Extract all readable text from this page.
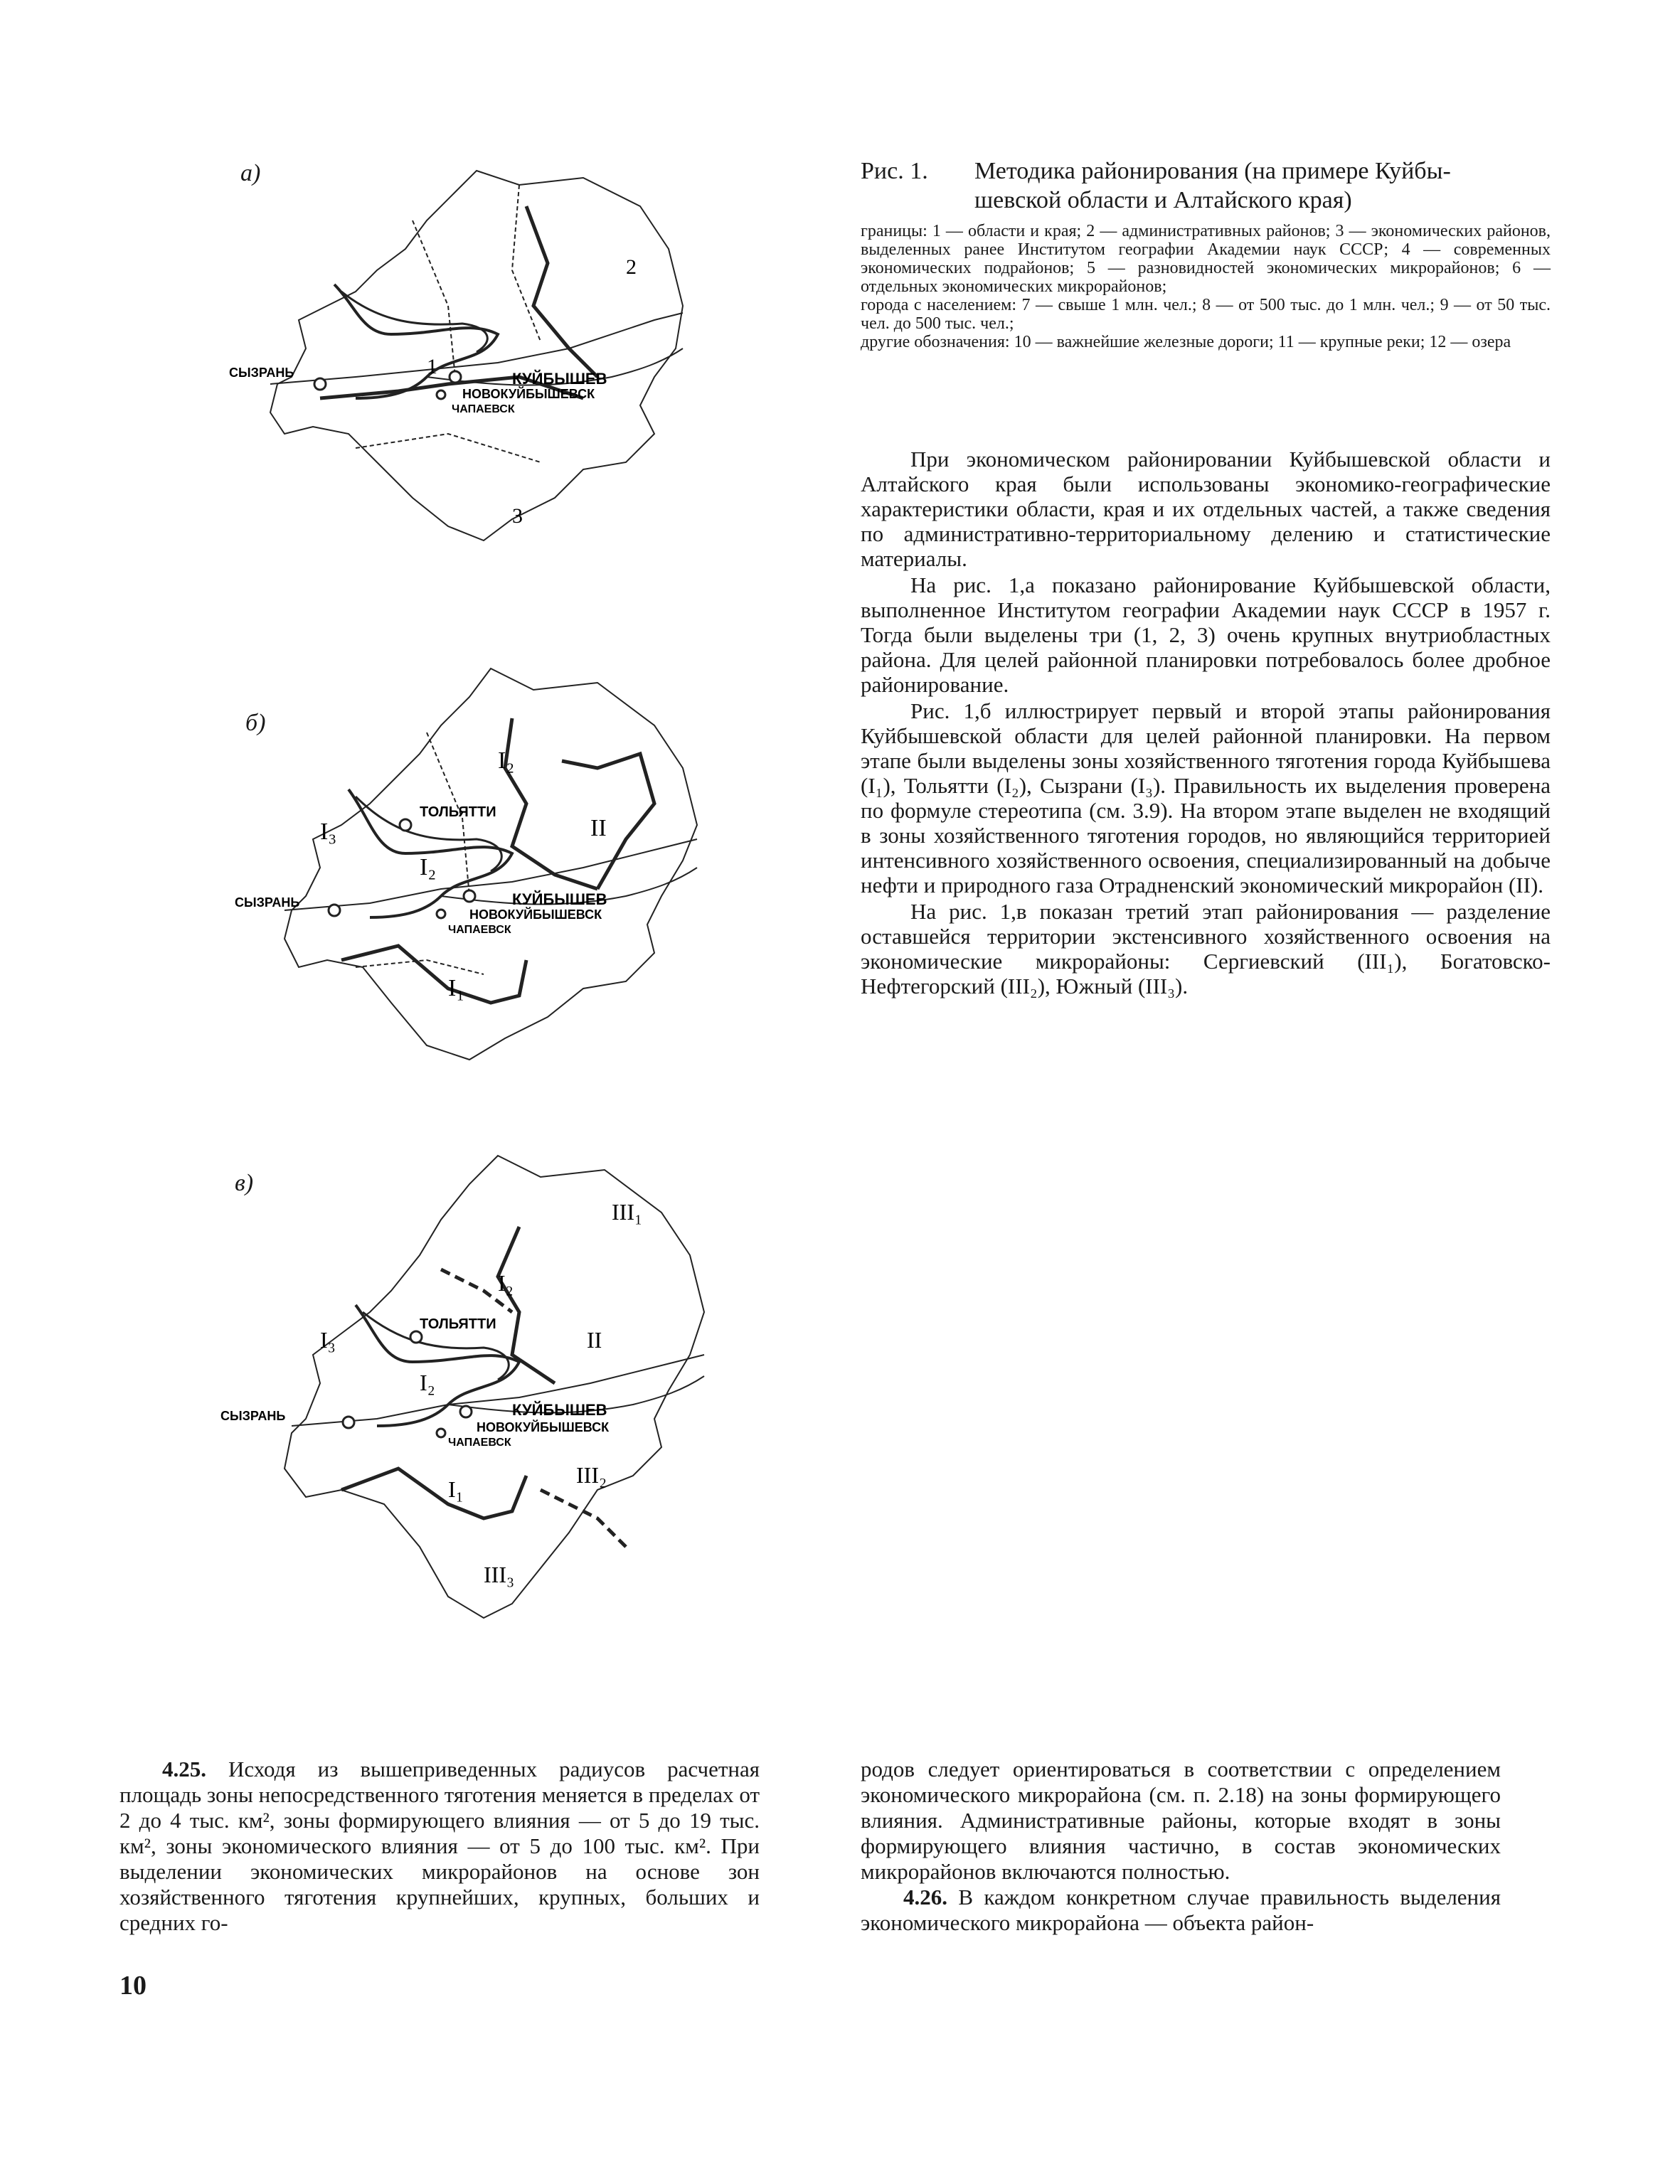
а)
СЫЗРАНЬ	КУЙБЫШЕВ
НОВОКУЙБЫШЕВСК
ЧАПАЕВСК
1
2
3
б)
СЫЗРАНЬ
ТОЛЬЯТТИ
КУЙБЫШЕВ
НОВОКУЙБЫШЕВСК
ЧАПАЕВСК
I₂
I₃
I₂
I₁
II
в)
СЫЗРАНЬ
ТОЛЬЯТТИ
КУЙБЫШЕВ
НОВОКУЙБЫШЕВСК
ЧАПАЕВСК
III₁
I₂
I₃
I₂
II
I₁
III₂
III₃
Рис. 1. Методика районирования (на примере Куйбы-
шевской области и Алтайского края)

границы: 1 — области и края; 2 — административных районов; 3 — экономических районов, выделенных ранее Институтом географии Академии наук СССР; 4 — современных экономических подрайонов; 5 — разновидностей экономических микрорайонов; 6 — отдельных экономических микрорайонов;

города с населением: 7 — свыше 1 млн. чел.; 8 — от 500 тыс. до 1 млн. чел.; 9 — от 50 тыс. чел. до 500 тыс. чел.;

другие обозначения: 10 — важнейшие железные дороги; 11 — крупные реки; 12 — озера

При экономическом районировании Куйбышевской области и Алтайского края были использованы экономико-географические характеристики области, края и их отдельных частей, а также сведения по административно-территориальному делению и статистические материалы.

На рис. 1,а показано районирование Куйбышевской области, выполненное Институтом географии Академии наук СССР в 1957 г. Тогда были выделены три (1, 2, 3) очень крупных внутриобластных района. Для целей районной планировки потребовалось более дробное районирование.

Рис. 1,б иллюстрирует первый и второй этапы районирования Куйбышевской области для целей районной планировки. На первом этапе были выделены зоны хозяйственного тяготения города Куйбышева (I₁), Тольятти (I₂), Сызрани (I₃). Правильность их выделения проверена по формуле стереотипа (см. 3.9). На втором этапе выделен не входящий в зоны хозяйственного тяготения городов, но являющийся территорией интенсивного хозяйственного освоения, специализированный на добыче нефти и природного газа Отрадненский экономический микрорайон (II).

На рис. 1,в показан третий этап районирования — разделение оставшейся территории экстенсивного хозяйственного освоения на экономические микрорайоны: Сергиевский (III₁), Богатовско-Нефтегорский (III₂), Южный (III₃).

4.25. Исходя из вышеприведенных радиусов расчетная площадь зоны непосредственного тяготения меняется в пределах от 2 до 4 тыс. км², зоны формирующего влияния — от 5 до 19 тыс. км², зоны экономического влияния — от 5 до 100 тыс. км². При выделении экономических микрорайонов на основе зон хозяйственного тяготения крупнейших, крупных, больших и средних го-

родов следует ориентироваться в соответствии с определением экономического микрорайона (см. п. 2.18) на зоны формирующего влияния. Административные районы, которые входят в зоны формирующего влияния частично, в состав экономических микрорайонов включаются полностью.

4.26. В каждом конкретном случае правильность выделения экономического микрорайона — объекта район-

10
